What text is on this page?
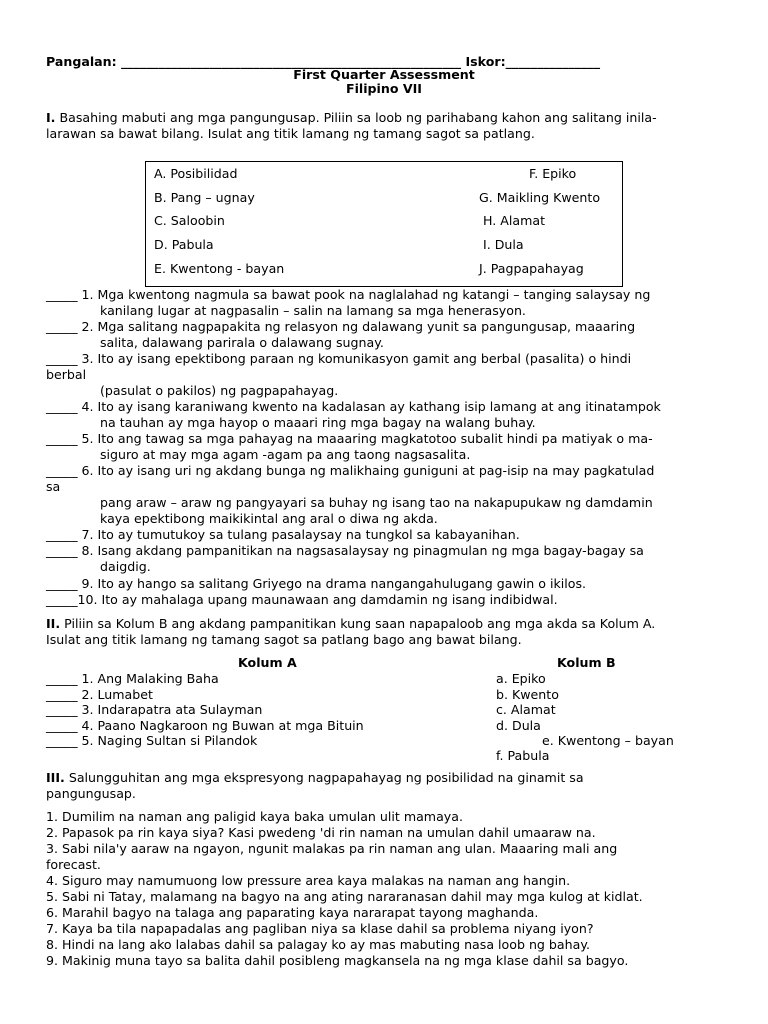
Pangalan: ______________________________________________________ Iskor:_______________
First Quarter Assessment
Filipino VII
I. Basahing mabuti ang mga pangungusap. Piliin sa loob ng parihabang kahon ang salitang inila-
larawan sa bawat bilang. Isulat ang titik lamang ng tamang sagot sa patlang.
A. Posibilidad
B. Pang – ugnay
C. Saloobin
D. Pabula
E. Kwentong - bayan
F. Epiko
G. Maikling Kwento
H. Alamat
I. Dula
J. Pagpapahayag
_____ 1. Mga kwentong nagmula sa bawat pook na naglalahad ng katangi – tanging salaysay ng
kanilang lugar at nagpasalin – salin na lamang sa mga henerasyon.
_____ 2. Mga salitang nagpapakita ng relasyon ng dalawang yunit sa pangungusap, maaaring
salita, dalawang parirala o dalawang sugnay.
_____ 3. Ito ay isang epektibong paraan ng komunikasyon gamit ang berbal (pasalita) o hindi
berbal
(pasulat o pakilos) ng pagpapahayag.
_____ 4. Ito ay isang karaniwang kwento na kadalasan ay kathang isip lamang at ang itinatampok
na tauhan ay mga hayop o maaari ring mga bagay na walang buhay.
_____ 5. Ito ang tawag sa mga pahayag na maaaring magkatotoo subalit hindi pa matiyak o ma-
siguro at may mga agam -agam pa ang taong nagsasalita.
_____ 6. Ito ay isang uri ng akdang bunga ng malikhaing guniguni at pag-isip na may pagkatulad
sa
pang araw – araw ng pangyayari sa buhay ng isang tao na nakapupukaw ng damdamin
kaya epektibong maikikintal ang aral o diwa ng akda.
_____ 7. Ito ay tumutukoy sa tulang pasalaysay na tungkol sa kabayanihan.
_____ 8. Isang akdang pampanitikan na nagsasalaysay ng pinagmulan ng mga bagay-bagay sa
daigdig.
_____ 9. Ito ay hango sa salitang Griyego na drama nangangahulugang gawin o ikilos.
_____10. Ito ay mahalaga upang maunawaan ang damdamin ng isang indibidwal.
II. Piliin sa Kolum B ang akdang pampanitikan kung saan napapaloob ang mga akda sa Kolum A.
Isulat ang titik lamang ng tamang sagot sa patlang bago ang bawat bilang.
Kolum A	Kolum B
_____ 1. Ang Malaking Baha
_____ 2. Lumabet
_____ 3. Indarapatra ata Sulayman
_____ 4. Paano Nagkaroon ng Buwan at mga Bituin
_____ 5. Naging Sultan si Pilandok
a. Epiko
b. Kwento
c. Alamat
d. Dula
e. Kwentong – bayan
f. Pabula
III. Salungguhitan ang mga ekspresyong nagpapahayag ng posibilidad na ginamit sa
pangungusap.
1. Dumilim na naman ang paligid kaya baka umulan ulit mamaya.
2. Papasok pa rin kaya siya? Kasi pwedeng 'di rin naman na umulan dahil umaaraw na.
3. Sabi nila'y aaraw na ngayon, ngunit malakas pa rin naman ang ulan. Maaaring mali ang
forecast.
4. Siguro may namumuong low pressure area kaya malakas na naman ang hangin.
5. Sabi ni Tatay, malamang na bagyo na ang ating nararanasan dahil may mga kulog at kidlat.
6. Marahil bagyo na talaga ang paparating kaya nararapat tayong maghanda.
7. Kaya ba tila napapadalas ang pagliban niya sa klase dahil sa problema niyang iyon?
8. Hindi na lang ako lalabas dahil sa palagay ko ay mas mabuting nasa loob ng bahay.
9. Makinig muna tayo sa balita dahil posibleng magkansela na ng mga klase dahil sa bagyo.
